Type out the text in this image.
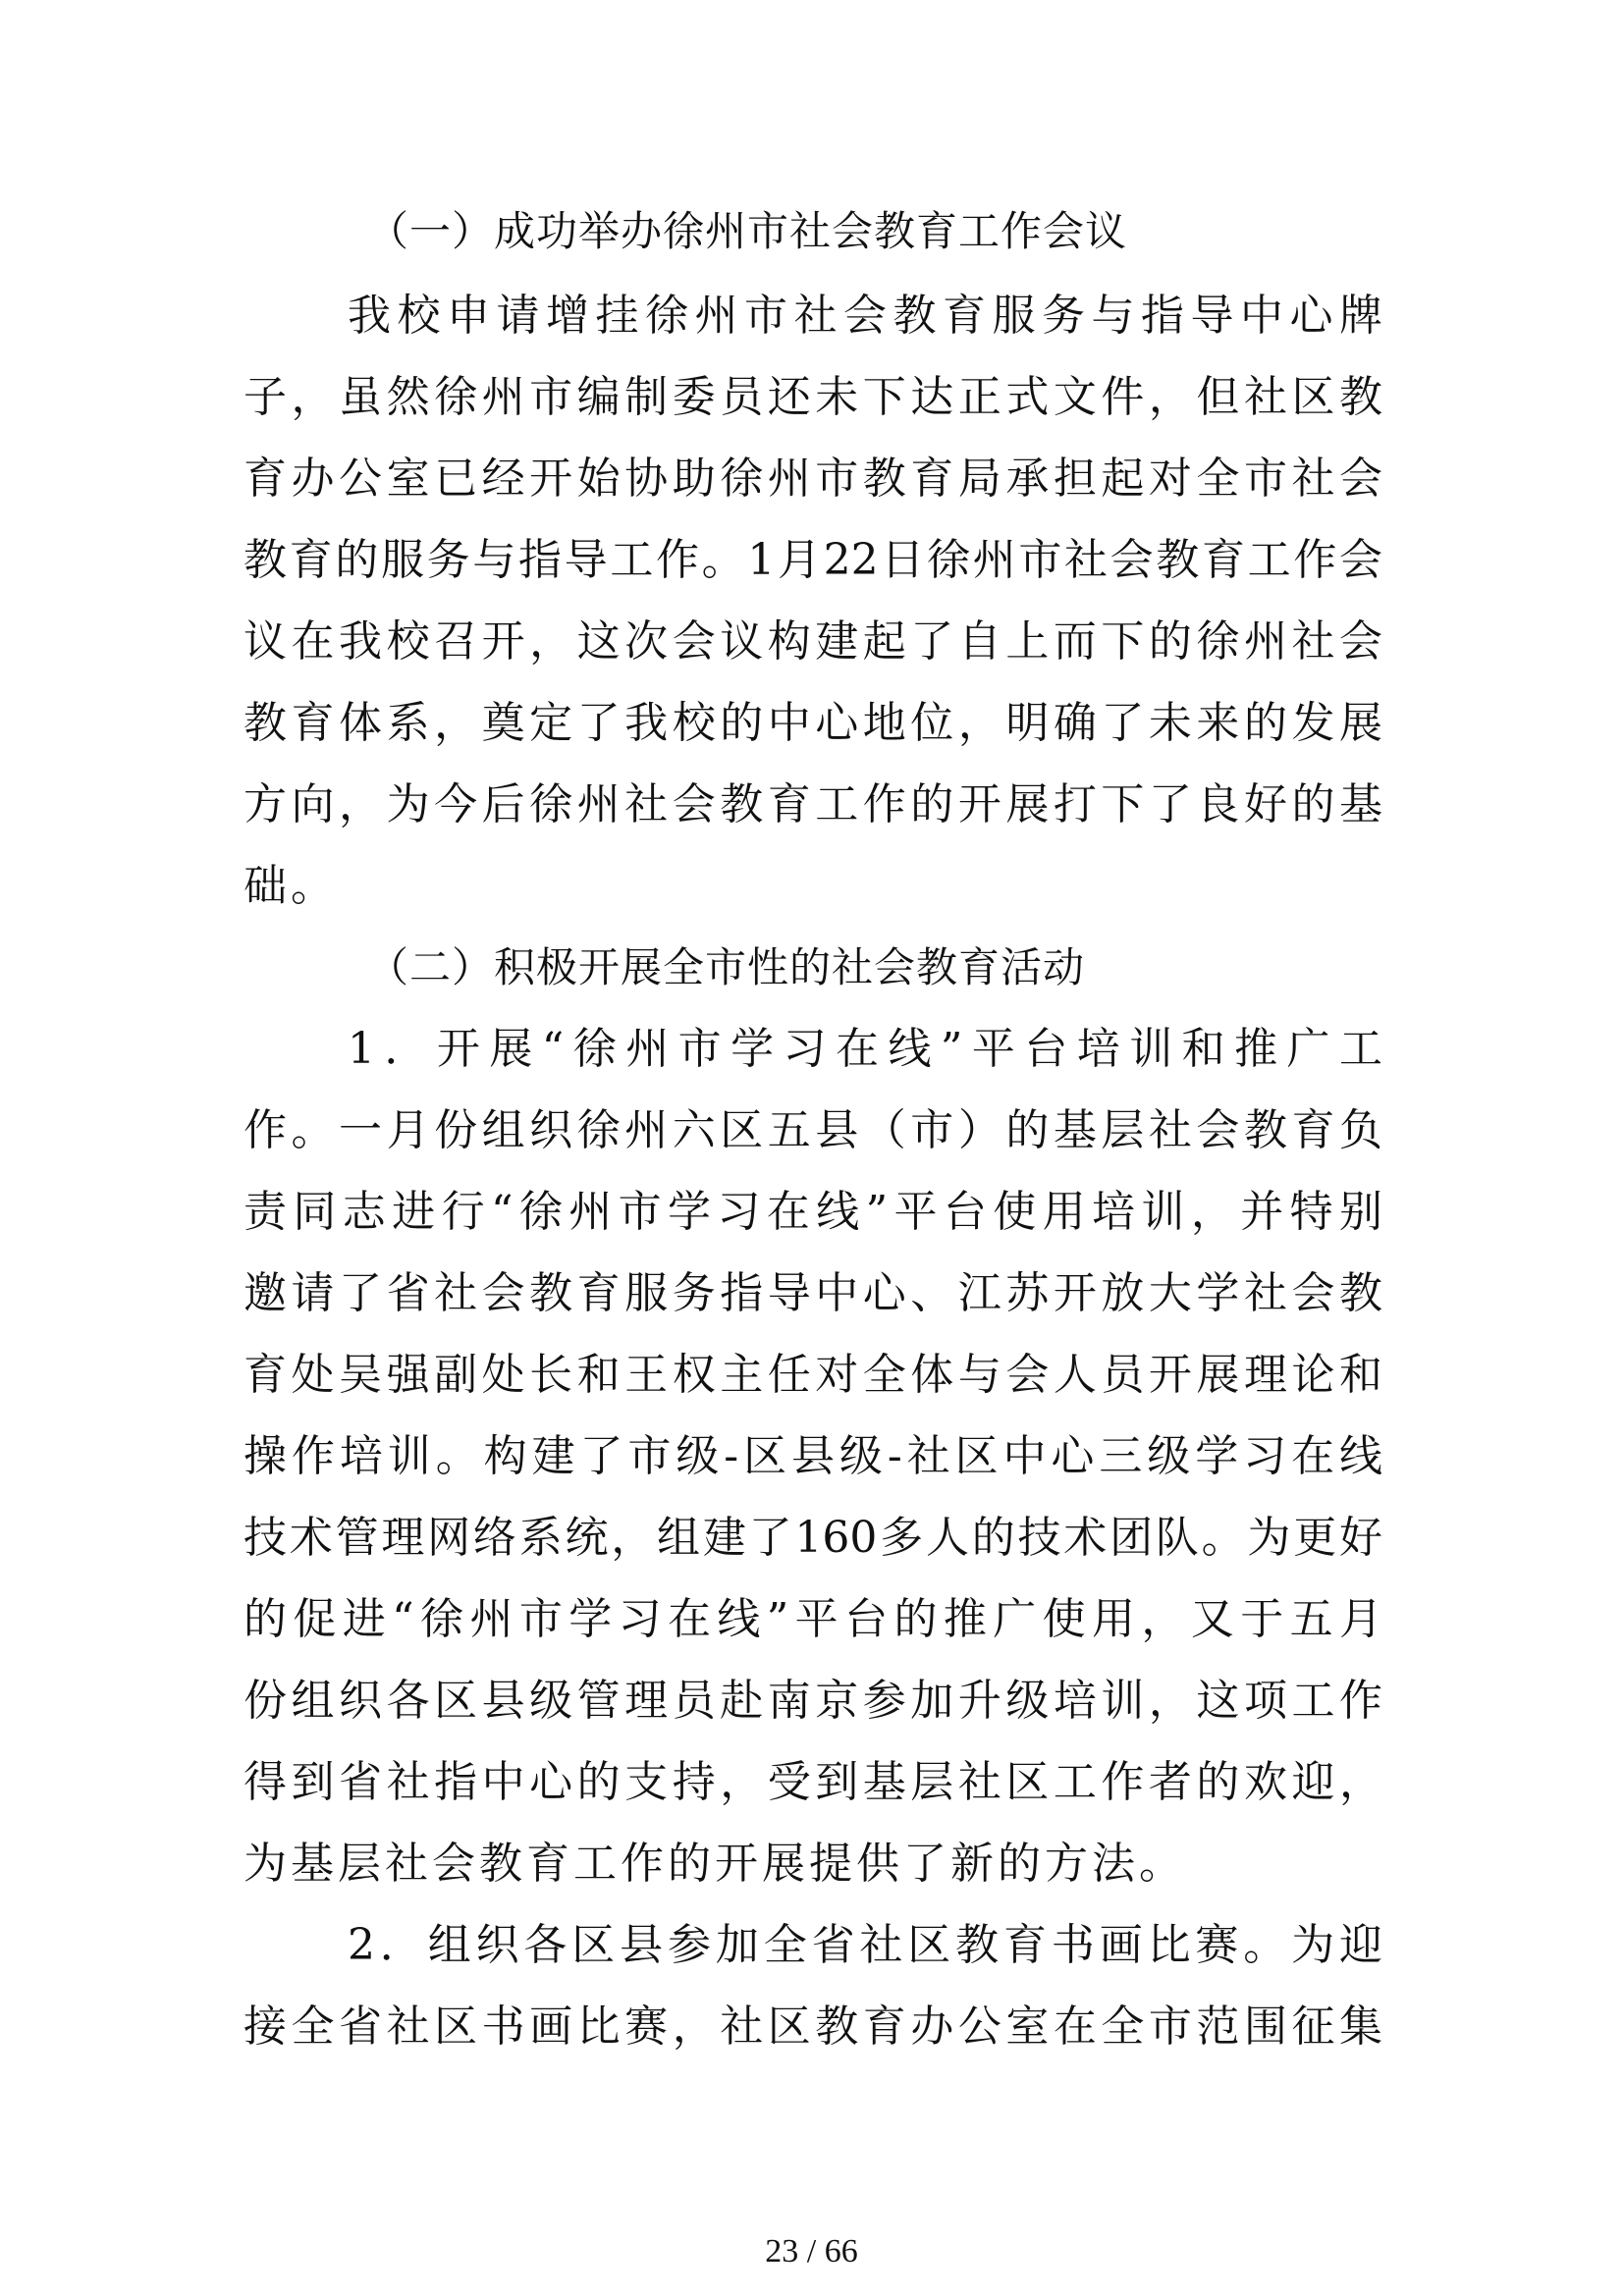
（一）成功举办徐州市社会教育工作会议
我校申请增挂徐州市社会教育服务与指导中心牌
子，虽然徐州市编制委员还未下达正式文件，但社区教
育办公室已经开始协助徐州市教育局承担起对全市社会
教育的服务与指导工作。1月22日徐州市社会教育工作会
议在我校召开，这次会议构建起了自上而下的徐州社会
教育体系，奠定了我校的中心地位，明确了未来的发展
方向，为今后徐州社会教育工作的开展打下了良好的基
础。
（二）积极开展全市性的社会教育活动
1．开展“徐州市学习在线”平台培训和推广工
作。一月份组织徐州六区五县（市）的基层社会教育负
责同志进行“徐州市学习在线”平台使用培训，并特别
邀请了省社会教育服务指导中心、江苏开放大学社会教
育处吴强副处长和王权主任对全体与会人员开展理论和
操作培训。构建了市级-区县级-社区中心三级学习在线
技术管理网络系统，组建了160多人的技术团队。为更好
的促进“徐州市学习在线”平台的推广使用，又于五月
份组织各区县级管理员赴南京参加升级培训，这项工作
得到省社指中心的支持，受到基层社区工作者的欢迎，
为基层社会教育工作的开展提供了新的方法。
2．组织各区县参加全省社区教育书画比赛。为迎
接全省社区书画比赛，社区教育办公室在全市范围征集
23 / 66
